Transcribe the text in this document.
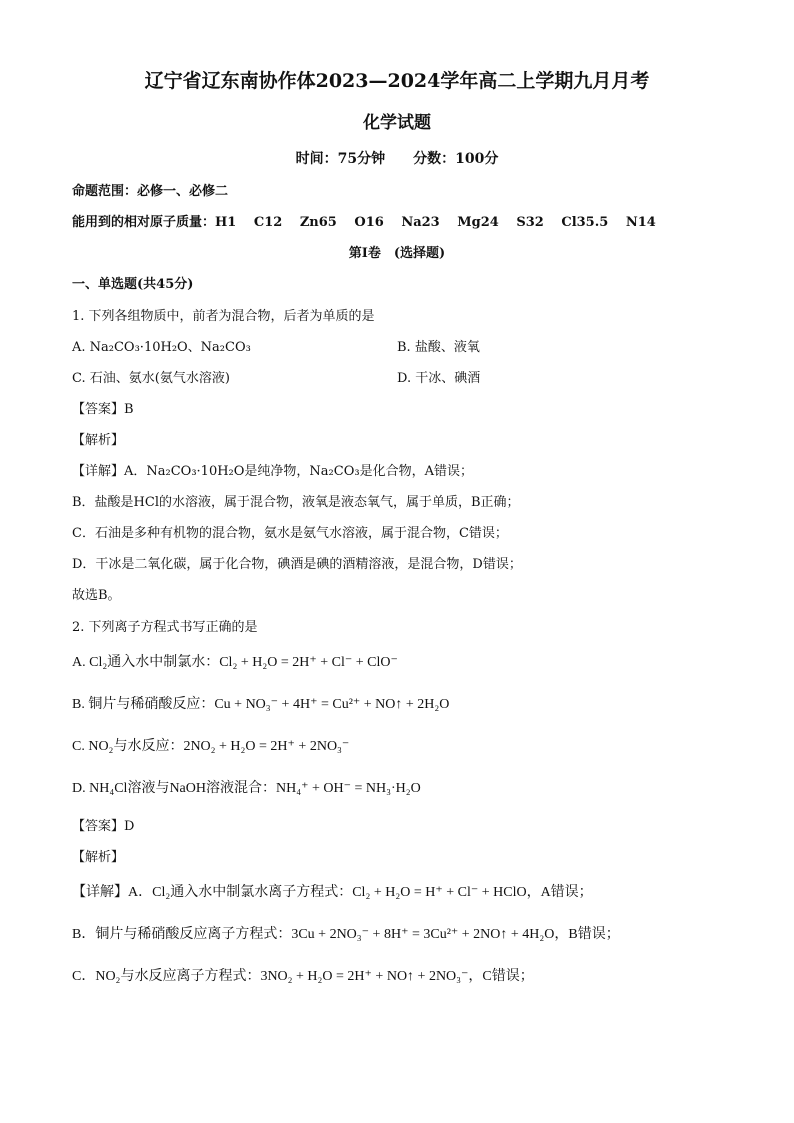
辽宁省辽东南协作体2023—2024学年高二上学期九月月考
化学试题
时间：75分钟　　分数：100分
命题范围：必修一、必修二
能用到的相对原子质量：H1　 C12　 Zn65　 O16　 Na23　 Mg24　 S32　 Cl35.5　 N14
第Ⅰ卷　(选择题)
一、单选题(共45分)
1. 下列各组物质中，前者为混合物，后者为单质的是
A. Na₂CO₃·10H₂O、Na₂CO₃	B. 盐酸、液氧
C. 石油、氨水(氨气水溶液)	D. 干冰、碘酒
【答案】B
【解析】
【详解】A．Na₂CO₃·10H₂O是纯净物，Na₂CO₃是化合物，A错误；
B．盐酸是HCl的水溶液，属于混合物，液氧是液态氧气，属于单质，B正确；
C．石油是多种有机物的混合物，氨水是氨气水溶液，属于混合物，C错误；
D．干冰是二氧化碳，属于化合物，碘酒是碘的酒精溶液，是混合物，D错误；
故选B。
2. 下列离子方程式书写正确的是
A. Cl₂通入水中制氯水：Cl₂ + H₂O = 2H⁺ + Cl⁻ + ClO⁻
B. 铜片与稀硝酸反应：Cu + NO₃⁻ + 4H⁺ = Cu²⁺ + NO↑ + 2H₂O
C. NO₂与水反应：2NO₂ + H₂O = 2H⁺ + 2NO₃⁻
D. NH₄Cl溶液与NaOH溶液混合：NH₄⁺ + OH⁻ = NH₃·H₂O
【答案】D
【解析】
【详解】A．Cl₂通入水中制氯水离子方程式：Cl₂ + H₂O = H⁺ + Cl⁻ + HClO，A错误；
B．铜片与稀硝酸反应离子方程式：3Cu + 2NO₃⁻ + 8H⁺ = 3Cu²⁺ + 2NO↑ + 4H₂O，B错误；
C．NO₂与水反应离子方程式：3NO₂ + H₂O = 2H⁺ + NO↑ + 2NO₃⁻，C错误；
